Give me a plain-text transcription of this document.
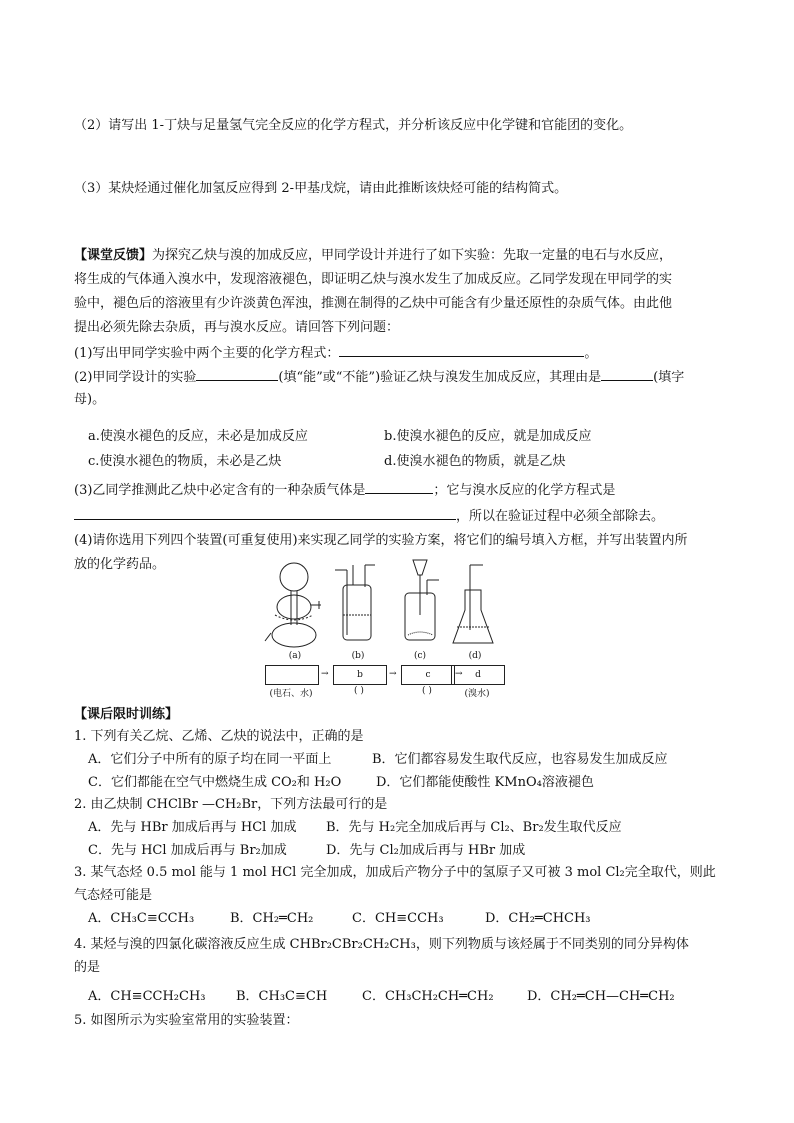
（2）请写出 1-丁炔与足量氢气完全反应的化学方程式，并分析该反应中化学键和官能团的变化。
（3）某炔烃通过催化加氢反应得到 2-甲基戊烷，请由此推断该炔烃可能的结构简式。
【课堂反馈】为探究乙炔与溴的加成反应，甲同学设计并进行了如下实验：先取一定量的电石与水反应，
将生成的气体通入溴水中，发现溶液褪色，即证明乙炔与溴水发生了加成反应。乙同学发现在甲同学的实
验中，褪色后的溶液里有少许淡黄色浑浊，推测在制得的乙炔中可能含有少量还原性的杂质气体。由此他
提出必须先除去杂质，再与溴水反应。请回答下列问题：
(1)写出甲同学实验中两个主要的化学方程式：	。
(2)甲同学设计的实验	(填“能”或“不能”)验证乙炔与溴发生加成反应，其理由是	(填字
母)。
a.使溴水褪色的反应，未必是加成反应	b.使溴水褪色的反应，就是加成反应
c.使溴水褪色的物质，未必是乙炔	d.使溴水褪色的物质，就是乙炔
(3)乙同学推测此乙炔中必定含有的一种杂质气体是	；它与溴水反应的化学方程式是
，所以在验证过程中必须全部除去。
(4)请你选用下列四个装置(可重复使用)来实现乙同学的实验方案，将它们的编号填入方框，并写出装置内所
放的化学药品。
(a)	(b)	(c)	(d)
→	b	→	c	→	d
(电石、水)	( )	( )	(溴水)
【课后限时训练】
1. 下列有关乙烷、乙烯、乙炔的说法中，正确的是
A．它们分子中所有的原子均在同一平面上	B．它们都容易发生取代反应，也容易发生加成反应
C．它们都能在空气中燃烧生成 CO₂和 H₂O	D．它们都能使酸性 KMnO₄溶液褪色
2. 由乙炔制 CHClBr —CH₂Br，下列方法最可行的是
A．先与 HBr 加成后再与 HCl 加成 B．先与 H₂完全加成后再与 Cl₂、Br₂发生取代反应
C．先与 HCl 加成后再与 Br₂加成	D．先与 Cl₂加成后再与 HBr 加成
3. 某气态烃 0.5 mol 能与 1 mol HCl 完全加成，加成后产物分子中的氢原子又可被 3 mol Cl₂完全取代，则此
气态烃可能是
A．CH₃C≡CCH₃	B．CH₂═CH₂	C．CH≡CCH₃	D．CH₂═CHCH₃
4. 某烃与溴的四氯化碳溶液反应生成 CHBr₂CBr₂CH₂CH₃，则下列物质与该烃属于不同类别的同分异构体
的是
A．CH≡CCH₂CH₃ B．CH₃C≡CH	C．CH₃CH₂CH═CH₂	D．CH₂═CH—CH═CH₂
5. 如图所示为实验室常用的实验装置：
